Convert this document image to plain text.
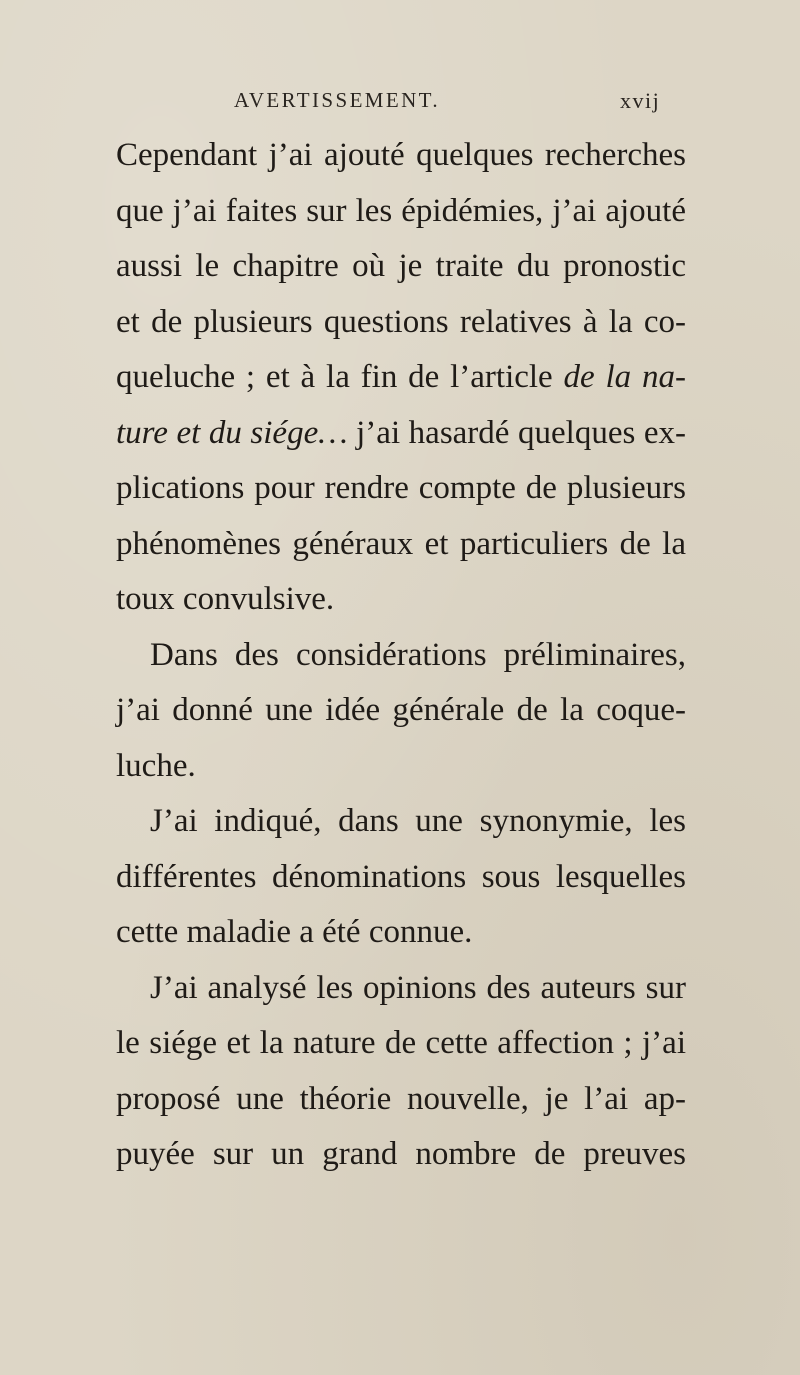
AVERTISSEMENT.	xvij
Cependant j’ai ajouté quelques recherches
que j’ai faites sur les épidémies, j’ai ajouté
aussi le chapitre où je traite du pronostic
et de plusieurs questions relatives à la co-
queluche ; et à la fin de l’article de la na-
ture et du siége… j’ai hasardé quelques ex-
plications pour rendre compte de plusieurs
phénomènes généraux et particuliers de la
toux convulsive.
Dans des considérations préliminaires,
j’ai donné une idée générale de la coque-
luche.
J’ai indiqué, dans une synonymie, les
différentes dénominations sous lesquelles
cette maladie a été connue.
J’ai analysé les opinions des auteurs sur
le siége et la nature de cette affection ; j’ai
proposé une théorie nouvelle, je l’ai ap-
puyée sur un grand nombre de preuves
